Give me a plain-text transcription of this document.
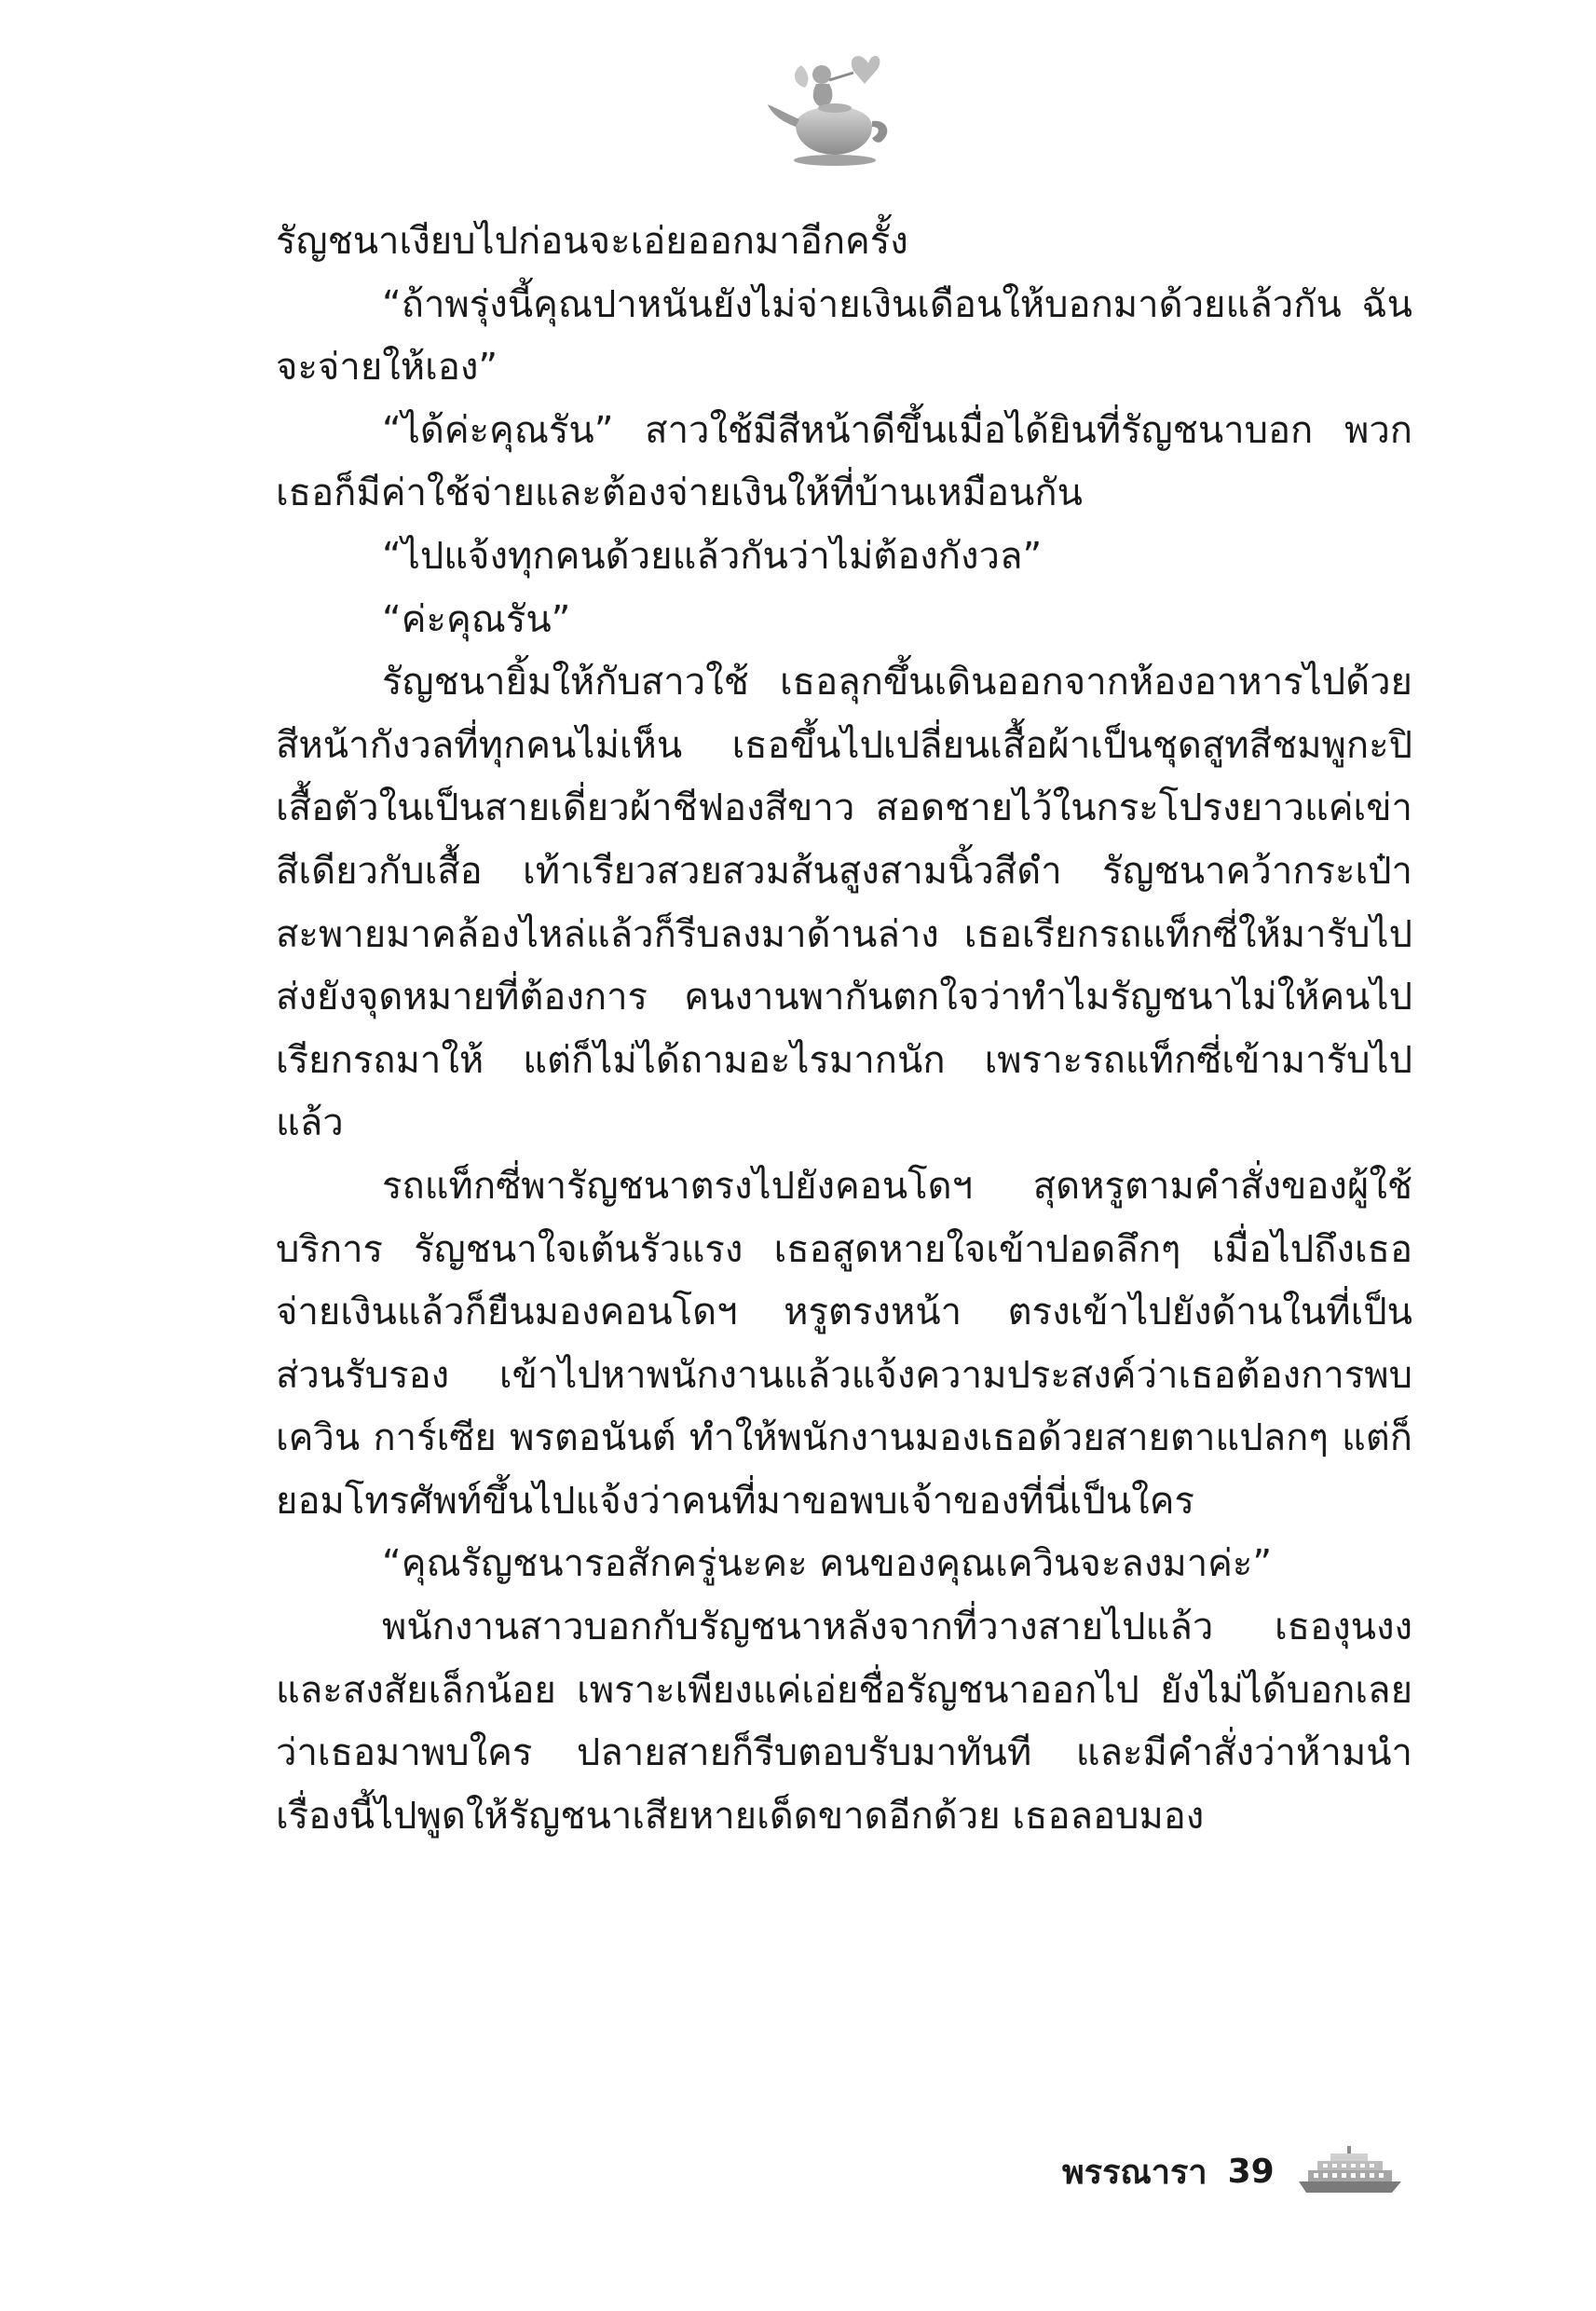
รัญชนาเงียบไปก่อนจะเอ่ยออกมาอีกครั้ง

“ถ้าพรุ่งนี้คุณปาหนันยังไม่จ่ายเงินเดือนให้บอกมาด้วยแล้วกัน ฉันจะจ่ายให้เอง”

“ได้ค่ะคุณรัน” สาวใช้มีสีหน้าดีขึ้นเมื่อได้ยินที่รัญชนาบอก พวกเธอก็มีค่าใช้จ่ายและต้องจ่ายเงินให้ที่บ้านเหมือนกัน

“ไปแจ้งทุกคนด้วยแล้วกันว่าไม่ต้องกังวล”

“ค่ะคุณรัน”

รัญชนายิ้มให้กับสาวใช้ เธอลุกขึ้นเดินออกจากห้องอาหารไปด้วยสีหน้ากังวลที่ทุกคนไม่เห็น เธอขึ้นไปเปลี่ยนเสื้อผ้าเป็นชุดสูทสีชมพูกะปิ เสื้อตัวในเป็นสายเดี่ยวผ้าชีฟองสีขาว สอดชายไว้ในกระโปรงยาวแค่เข่า สีเดียวกับเสื้อ เท้าเรียวสวยสวมส้นสูงสามนิ้วสีดำ รัญชนาคว้ากระเป๋าสะพายมาคล้องไหล่แล้วก็รีบลงมาด้านล่าง เธอเรียกรถแท็กซี่ให้มารับไปส่งยังจุดหมายที่ต้องการ คนงานพากันตกใจว่าทำไมรัญชนาไม่ให้คนไปเรียกรถมาให้ แต่ก็ไม่ได้ถามอะไรมากนัก เพราะรถแท็กซี่เข้ามารับไปแล้ว

รถแท็กซี่พารัญชนาตรงไปยังคอนโดฯ สุดหรูตามคำสั่งของผู้ใช้บริการ รัญชนาใจเต้นรัวแรง เธอสูดหายใจเข้าปอดลึกๆ เมื่อไปถึงเธอจ่ายเงินแล้วก็ยืนมองคอนโดฯ หรูตรงหน้า ตรงเข้าไปยังด้านในที่เป็นส่วนรับรอง เข้าไปหาพนักงานแล้วแจ้งความประสงค์ว่าเธอต้องการพบ เควิน การ์เซีย พรตอนันต์ ทำให้พนักงานมองเธอด้วยสายตาแปลกๆ แต่ก็ยอมโทรศัพท์ขึ้นไปแจ้งว่าคนที่มาขอพบเจ้าของที่นี่เป็นใคร

“คุณรัญชนารอสักครู่นะคะ คนของคุณเควินจะลงมาค่ะ”

พนักงานสาวบอกกับรัญชนาหลังจากที่วางสายไปแล้ว เธองุนงงและสงสัยเล็กน้อย เพราะเพียงแค่เอ่ยชื่อรัญชนาออกไป ยังไม่ได้บอกเลยว่าเธอมาพบใคร ปลายสายก็รีบตอบรับมาทันที และมีคำสั่งว่าห้ามนำเรื่องนี้ไปพูดให้รัญชนาเสียหายเด็ดขาดอีกด้วย เธอลอบมอง

พรรณารา 39
